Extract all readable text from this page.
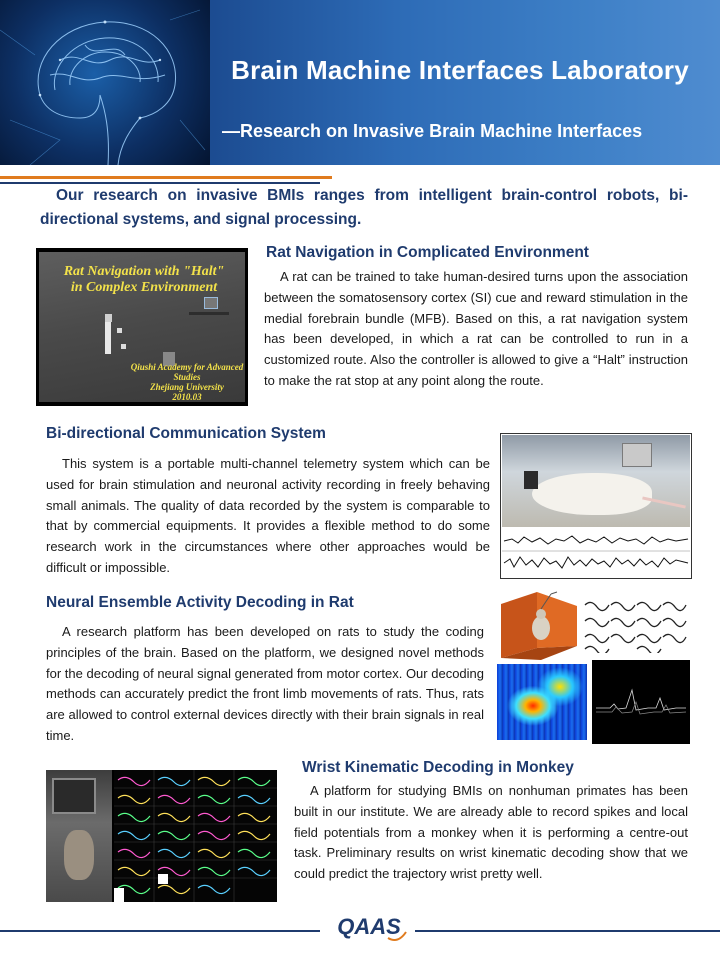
Brain Machine Interfaces Laboratory
—Research on Invasive Brain Machine Interfaces
Our research on invasive BMIs ranges from intelligent brain-control robots, bi-directional systems, and signal processing.
Rat Navigation with "Halt"
in Complex Environment
Qiushi Academy for Advanced Studies
Zhejiang University
2010.03
Rat Navigation in Complicated Environment
A rat can be trained to take human-desired turns upon the association between the somatosensory cortex (SI) cue and reward stimulation in the medial forebrain bundle (MFB). Based on this, a rat navigation system has been developed, in which a rat can be controlled to run in a customized route. Also the controller is allowed to give a “Halt” instruction to make the rat stop at any point along the route.
Bi-directional Communication System
This system is a portable multi-channel telemetry system which can be used for brain stimulation and neuronal activity recording in freely behaving small animals. The quality of data recorded by the system is comparable to that by commercial equipments. It provides a flexible method to do some research work in the circumstances where other approaches would be difficult or impossible.
Neural Ensemble Activity Decoding in Rat
A research platform has been developed on rats to study the coding principles of the brain. Based on the platform, we designed novel methods for the decoding of neural signal generated from motor cortex. Our decoding methods can accurately predict the front limb movements of rats. Thus, rats are allowed to control external devices directly with their brain signals in real time.
Wrist Kinematic Decoding in Monkey
A platform for studying BMIs on nonhuman primates has been built in our institute. We are already able to record spikes and local field potentials from a monkey when it is performing a centre-out task. Preliminary results on wrist kinematic decoding show that we could predict the trajectory wrist pretty well.
QAAS
